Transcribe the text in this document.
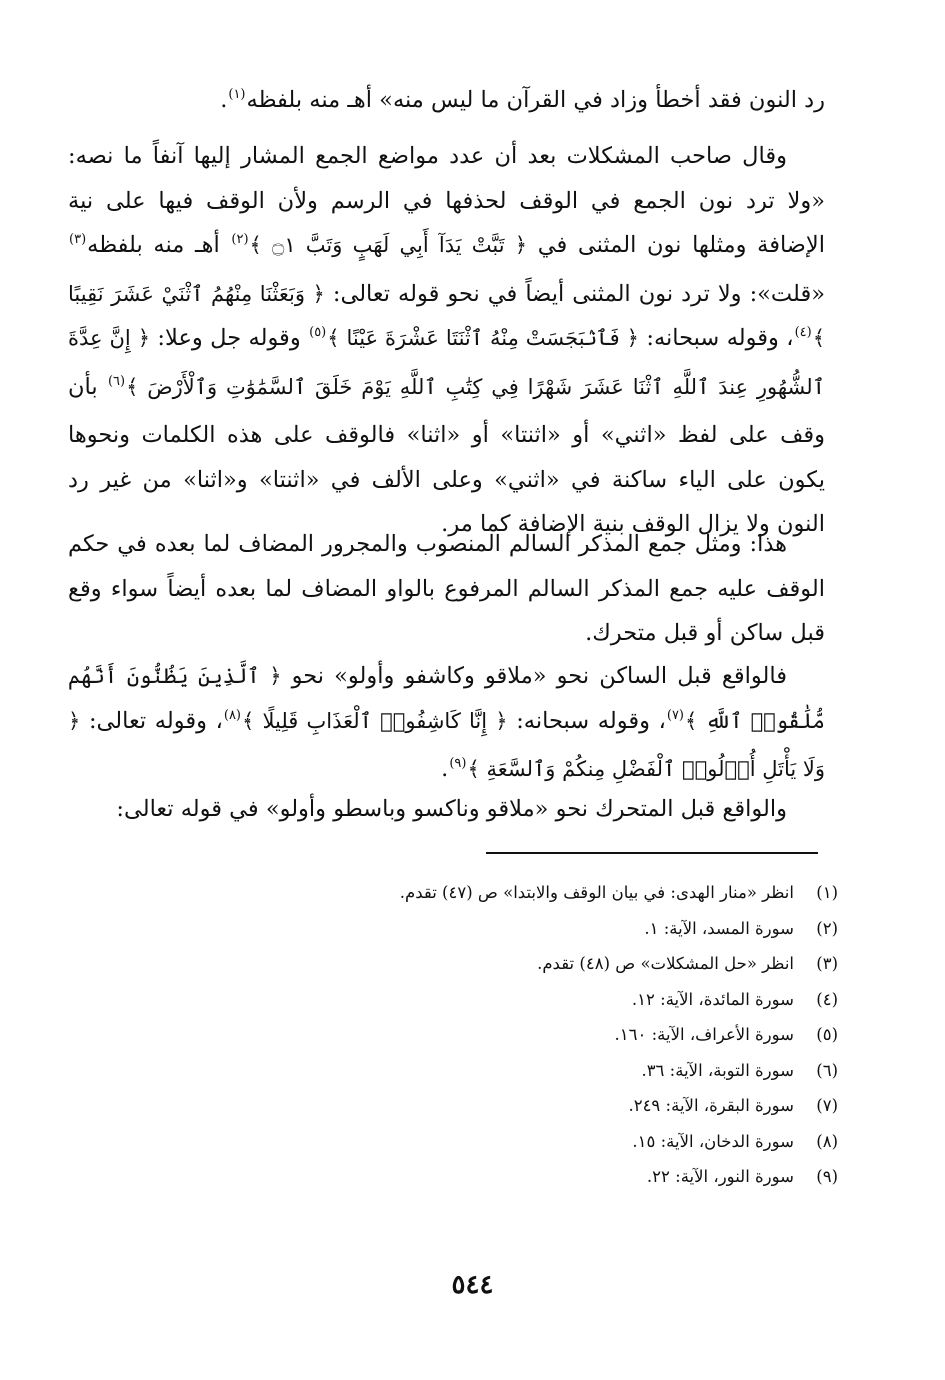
رد النون فقد أخطأ وزاد في القرآن ما ليس منه» أهـ منه بلفظه$^{(١)}$.

وقال صاحب المشكلات بعد أن عدد مواضع الجمع المشار إليها آنفاً ما نصه: «ولا ترد نون الجمع في الوقف لحذفها في الرسم ولأن الوقف فيها على نية الإضافة ومثلها نون المثنى في ﴿ تَبَّتْ يَدَآ أَبِي لَهَبٍ وَتَبَّ ۝١ ﴾$^{(٢)}$ أهـ منه بلفظه$^{(٣)}$ «قلت»: ولا ترد نون المثنى أيضاً في نحو قوله تعالى: ﴿ وَبَعَثْنَا مِنْهُمُ ٱثْنَيْ عَشَرَ نَقِيبًا ﴾$^{(٤)}$، وقوله سبحانه: ﴿ فَٱنۢبَجَسَتْ مِنْهُ ٱثْنَتَا عَشْرَةَ عَيْنًا ﴾$^{(٥)}$ وقوله جل وعلا: ﴿ إِنَّ عِدَّةَ ٱلشُّهُورِ عِندَ ٱللَّهِ ٱثْنَا عَشَرَ شَهْرًا فِي كِتَٰبِ ٱللَّهِ يَوْمَ خَلَقَ ٱلسَّمَٰوَٰتِ وَٱلْأَرْضَ ﴾$^{(٦)}$ بأن وقف على لفظ «اثني» أو «اثنتا» أو «اثنا» فالوقف على هذه الكلمات ونحوها يكون على الياء ساكنة في «اثني» وعلى الألف في «اثنتا» و«اثنا» من غير رد النون ولا يزال الوقف بنية الإضافة كما مر.

هذا: ومثل جمع المذكر السالم المنصوب والمجرور المضاف لما بعده في حكم الوقف عليه جمع المذكر السالم المرفوع بالواو المضاف لما بعده أيضاً سواء وقع قبل ساكن أو قبل متحرك.

فالواقع قبل الساكن نحو «ملاقو وكاشفو وأولو» نحو ﴿ ٱلَّذِينَ يَظُنُّونَ أَنَّهُم مُّلَٰقُوا۟ ٱللَّهِ ﴾$^{(٧)}$، وقوله سبحانه: ﴿ إِنَّا كَاشِفُوا۟ ٱلْعَذَابِ قَلِيلًا ﴾$^{(٨)}$، وقوله تعالى: ﴿ وَلَا يَأْتَلِ أُو۟لُوا۟ ٱلْفَضْلِ مِنكُمْ وَٱلسَّعَةِ ﴾$^{(٩)}$.

والواقع قبل المتحرك نحو «ملاقو وناكسو وباسطو وأولو» في قوله تعالى:

(١)
انظر «منار الهدى: في بيان الوقف والابتدا» ص (٤٧) تقدم.
(٢)
سورة المسد، الآية: ١.
(٣)
انظر «حل المشكلات» ص (٤٨) تقدم.
(٤)
سورة المائدة، الآية: ١٢.
(٥)
سورة الأعراف، الآية: ١٦٠.
(٦)
سورة التوبة، الآية: ٣٦.
(٧)
سورة البقرة، الآية: ٢٤٩.
(٨)
سورة الدخان، الآية: ١٥.
(٩)
سورة النور، الآية: ٢٢.
٥٤٤
